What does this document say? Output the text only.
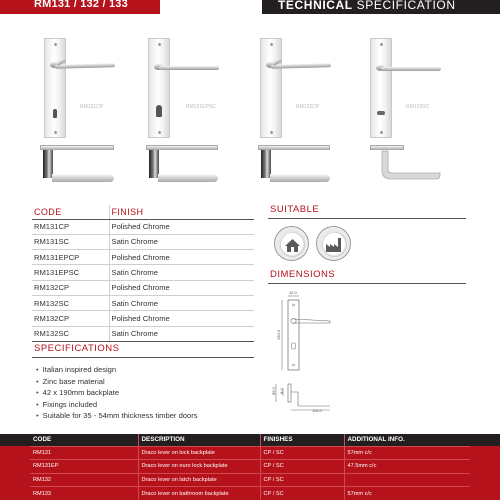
RM131 / 132 / 133	TECHNICAL SPECIFICATION
RM131CP	RM131EPSC	RM132CP	RM133SC
CODE	FINISH
RM131CP	Polished Chrome
RM131SC	Satin Chrome
RM131EPCP	Polished Chrome
RM131EPSC	Satin Chrome
RM132CP	Polished Chrome
RM132SC	Satin Chrome
RM132CP	Polished Chrome
RM132SC	Satin Chrome
SUITABLE
DIMENSIONS
42.0
190.0
85.0 8.0
115.0
SPECIFICATIONS
• Italian inspired design
• Zinc base material
• 42 x 190mm backplate
• Fixings included
• Suitable for 35 - 54mm thickness timber doors
CODE	DESCRIPTION	FINISHES	ADDITIONAL INFO.
RM131	Draco lever on lock backplate	CP / SC	57mm c/c
RM131EP	Draco lever on euro lock backplate	CP / SC	47.5mm c/c
RM132	Draco lever on latch backplate	CP / SC	
RM133	Draco lever on bathroom backplate	CP / SC	57mm c/c
